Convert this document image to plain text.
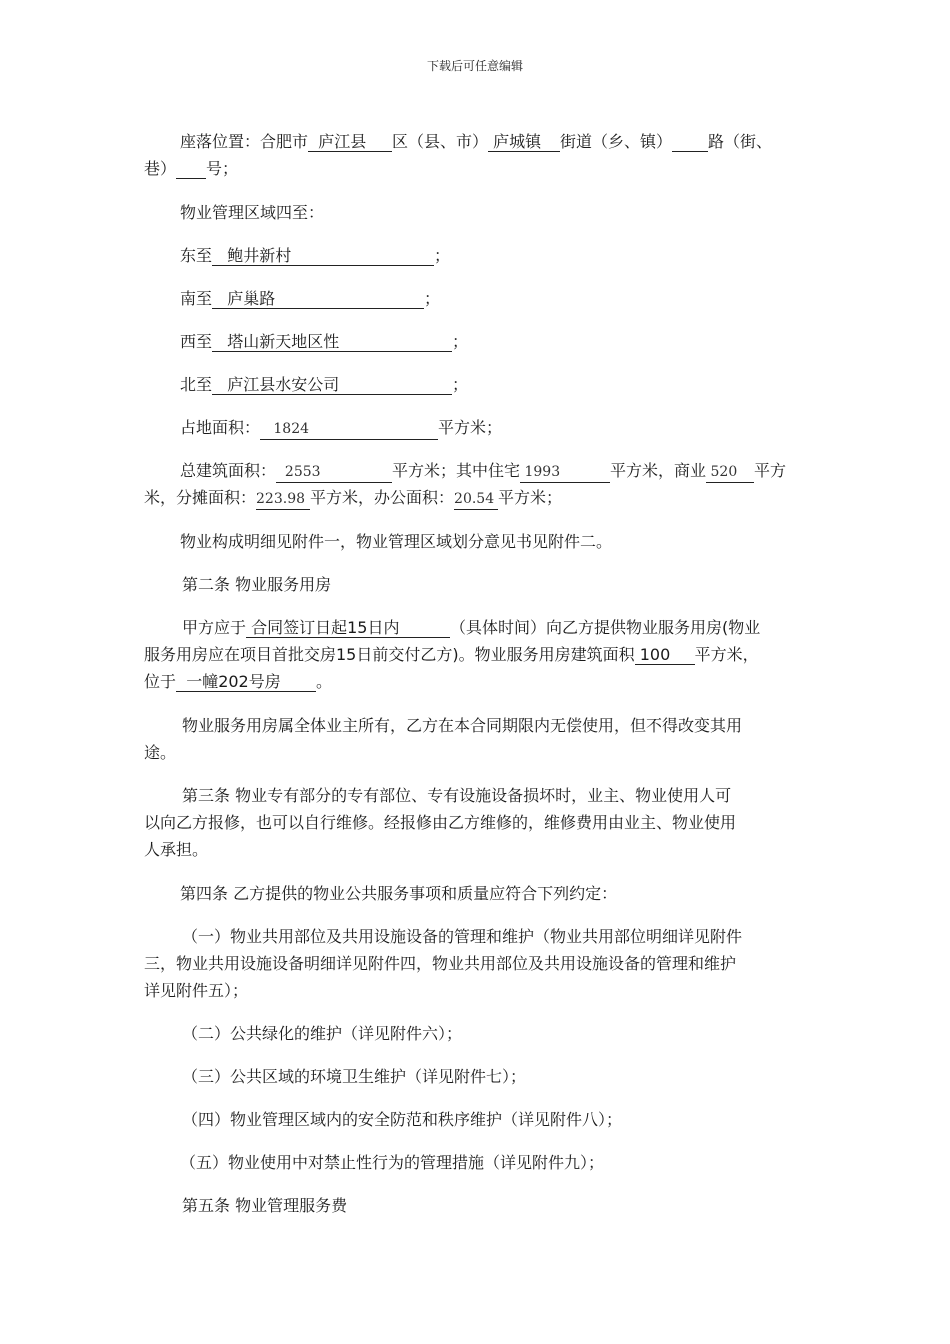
下载后可任意编辑
座落位置：合肥市 庐江县 区（县、市） 庐城镇 街道（乡、镇） 路（街、
巷） 号；
物业管理区域四至：
东至 鲍井新村	；
南至 庐巢路	；
西至 塔山新天地区性	；
北至 庐江县水安公司	；
占地面积： 1824	平方米；
总建筑面积： 2553	平方米；其中住宅 1993	平方米，商业 520 平方
米，分摊面积：223.98 平方米，办公面积：20.54 平方米；
物业构成明细见附件一，物业管理区域划分意见书见附件二。
第二条 物业服务用房
甲方应于 合同签订日起15日内	（具体时间）向乙方提供物业服务用房(物业
服务用房应在项目首批交房15日前交付乙方)。物业服务用房建筑面积 100 平方米，
位于 一幢202号房 。
物业服务用房属全体业主所有，乙方在本合同期限内无偿使用，但不得改变其用
途。
第三条 物业专有部分的专有部位、专有设施设备损坏时，业主、物业使用人可
以向乙方报修，也可以自行维修。经报修由乙方维修的，维修费用由业主、物业使用
人承担。
第四条 乙方提供的物业公共服务事项和质量应符合下列约定：
（一）物业共用部位及共用设施设备的管理和维护（物业共用部位明细详见附件
三，物业共用设施设备明细详见附件四，物业共用部位及共用设施设备的管理和维护
详见附件五）；
（二）公共绿化的维护（详见附件六）；
（三）公共区域的环境卫生维护（详见附件七）；
（四）物业管理区域内的安全防范和秩序维护（详见附件八）；
（五）物业使用中对禁止性行为的管理措施（详见附件九）；
第五条 物业管理服务费
